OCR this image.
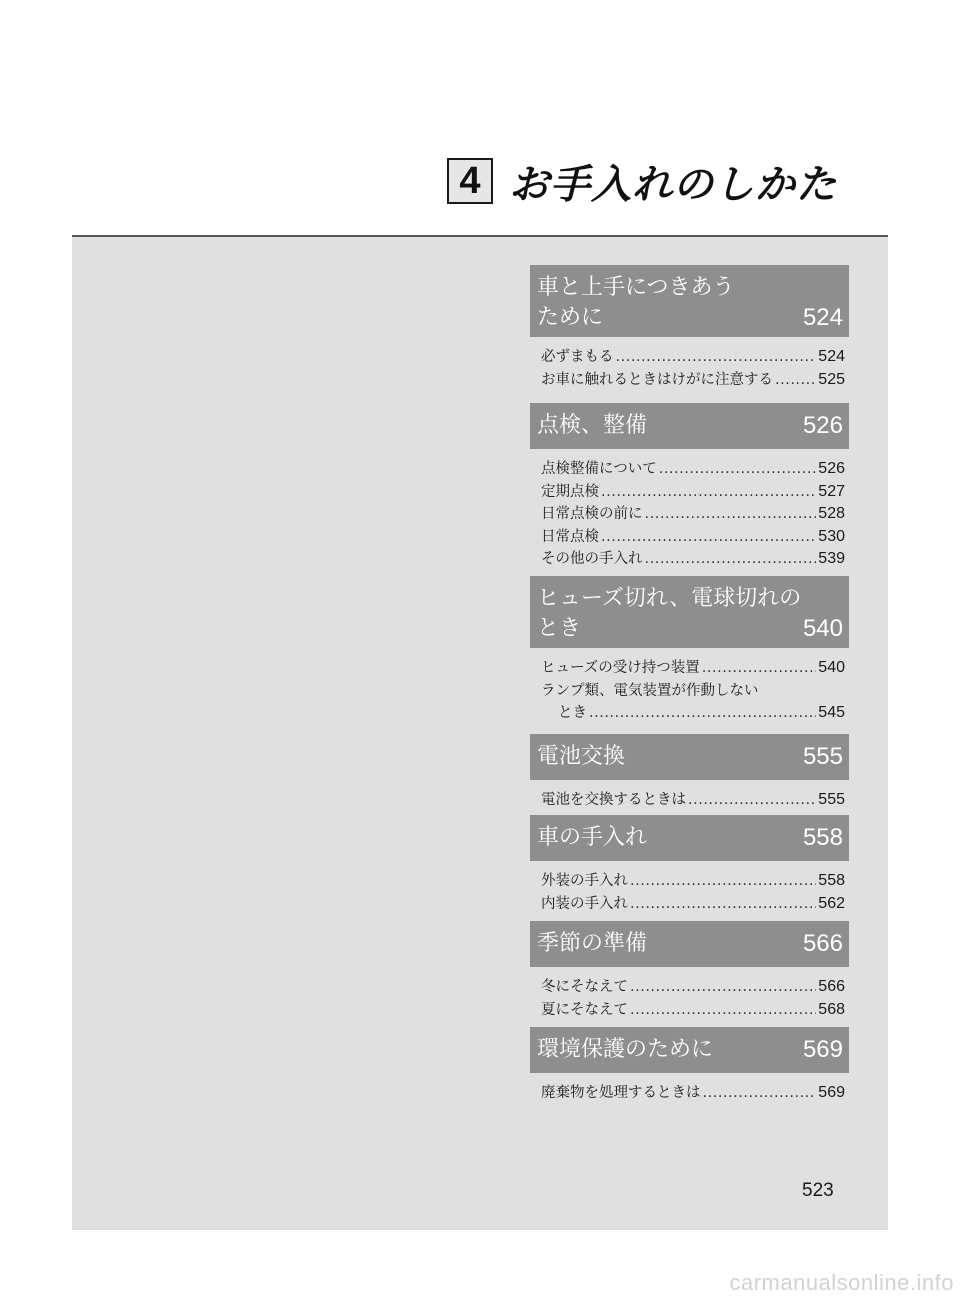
4 お手入れのしかた
車と上手につきあう
ために	524
必ずまもる .....	524
お車に触れるときはけがに注意する .....	525
点検、整備	526
点検整備について .....	526
定期点検 .....	527
日常点検の前に .....	528
日常点検 .....	530
その他の手入れ .....	539
ヒューズ切れ、電球切れの
とき	540
ヒューズの受け持つ装置 .....	540
ランプ類、電気装置が作動しない
とき .....	545
電池交換	555
電池を交換するときは .....	555
車の手入れ	558
外装の手入れ .....	558
内装の手入れ .....	562
季節の準備	566
冬にそなえて .....	566
夏にそなえて .....	568
環境保護のために	569
廃棄物を処理するときは .....	569
523
carmanualsonline.info
